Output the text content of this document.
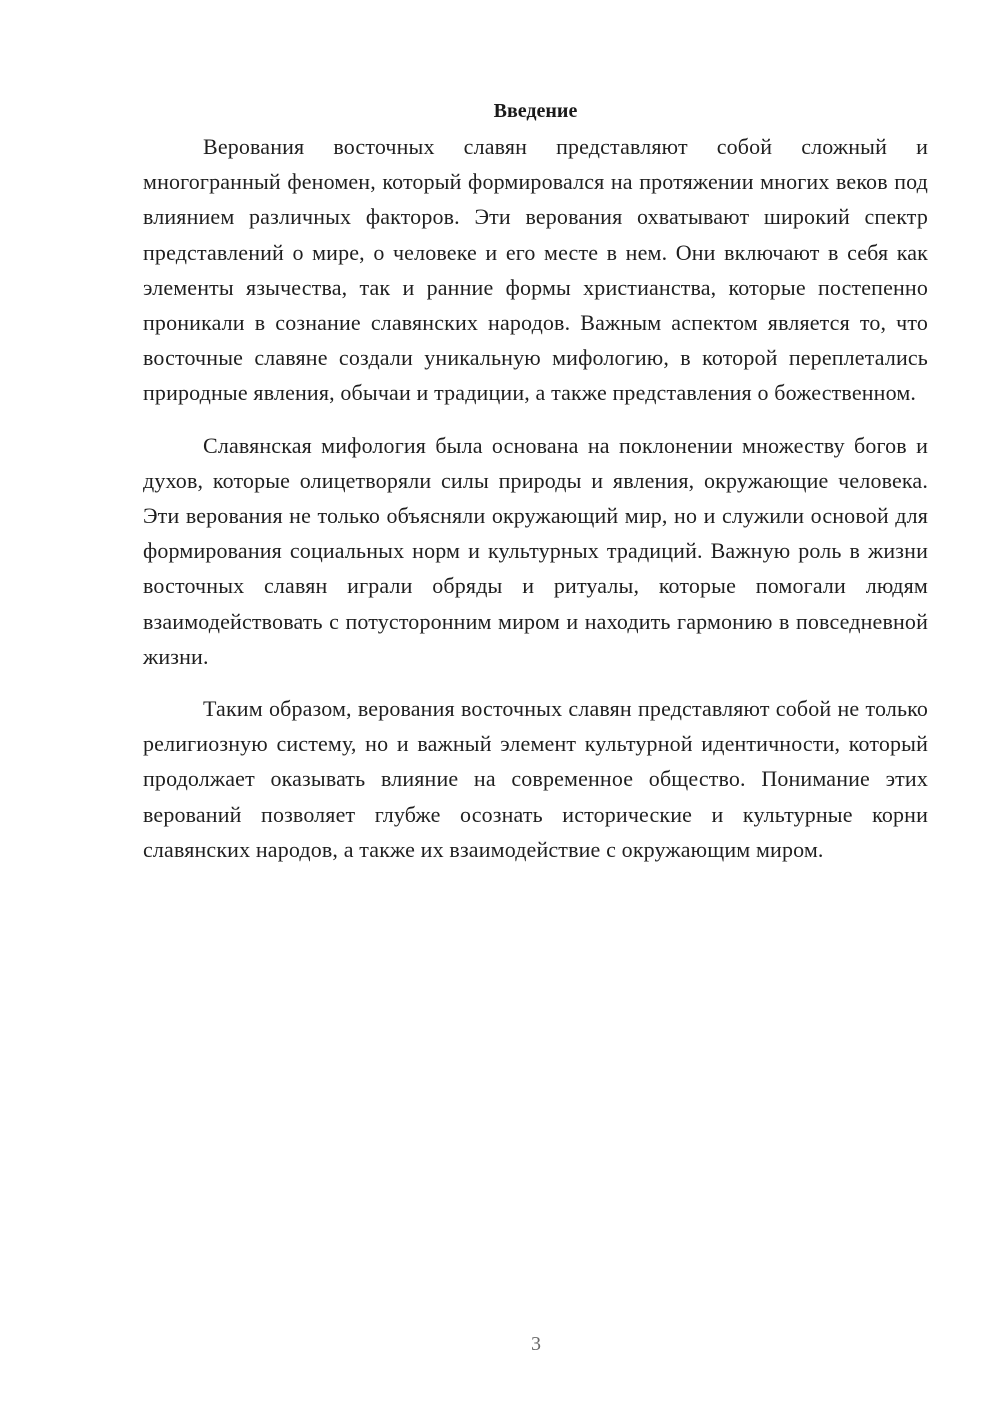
Введение

Верования восточных славян представляют собой сложный и многогранный феномен, который формировался на протяжении многих веков под влиянием различных факторов. Эти верования охватывают широкий спектр представлений о мире, о человеке и его месте в нем. Они включают в себя как элементы язычества, так и ранние формы христианства, которые постепенно проникали в сознание славянских народов. Важным аспектом является то, что восточные славяне создали уникальную мифологию, в которой переплетались природные явления, обычаи и традиции, а также представления о божественном.

Славянская мифология была основана на поклонении множеству богов и духов, которые олицетворяли силы природы и явления, окружающие человека. Эти верования не только объясняли окружающий мир, но и служили основой для формирования социальных норм и культурных традиций. Важную роль в жизни восточных славян играли обряды и ритуалы, которые помогали людям взаимодействовать с потусторонним миром и находить гармонию в повседневной жизни.

Таким образом, верования восточных славян представляют собой не только религиозную систему, но и важный элемент культурной идентичности, который продолжает оказывать влияние на современное общество. Понимание этих верований позволяет глубже осознать исторические и культурные корни славянских народов, а также их взаимодействие с окружающим миром.

3
